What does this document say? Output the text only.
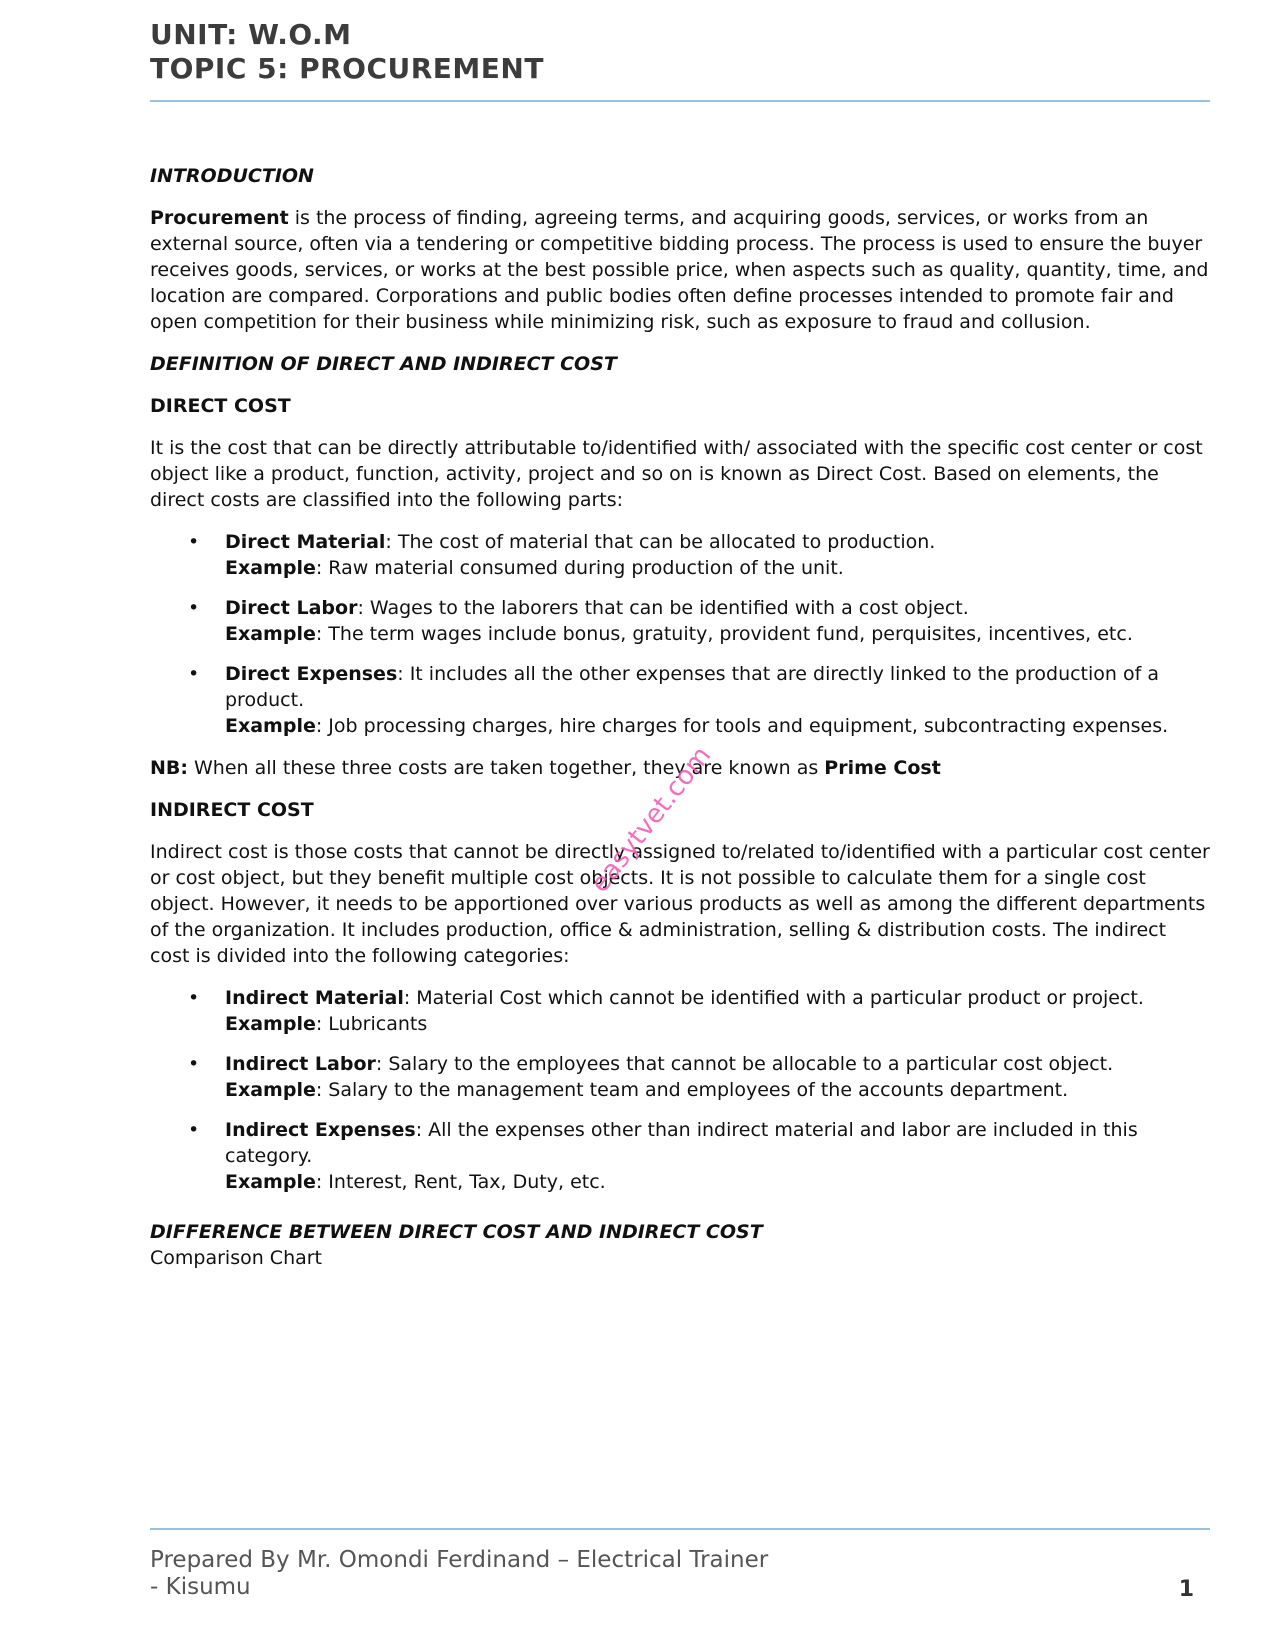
UNIT: W.O.M
TOPIC 5: PROCUREMENT
INTRODUCTION

Procurement is the process of finding, agreeing terms, and acquiring goods, services, or works from an external source, often via a tendering or competitive bidding process. The process is used to ensure the buyer receives goods, services, or works at the best possible price, when aspects such as quality, quantity, time, and location are compared. Corporations and public bodies often define processes intended to promote fair and open competition for their business while minimizing risk, such as exposure to fraud and collusion.

DEFINITION OF DIRECT AND INDIRECT COST
DIRECT COST

It is the cost that can be directly attributable to/identified with/ associated with the specific cost center or cost object like a product, function, activity, project and so on is known as Direct Cost. Based on elements, the direct costs are classified into the following parts:

• Direct Material: The cost of material that can be allocated to production.
Example: Raw material consumed during production of the unit.
• Direct Labor: Wages to the laborers that can be identified with a cost object.
Example: The term wages include bonus, gratuity, provident fund, perquisites, incentives, etc.
• Direct Expenses: It includes all the other expenses that are directly linked to the production of a product.
Example: Job processing charges, hire charges for tools and equipment, subcontracting expenses.

NB: When all these three costs are taken together, they are known as Prime Cost

INDIRECT COST

Indirect cost is those costs that cannot be directly assigned to/related to/identified with a particular cost center or cost object, but they benefit multiple cost objects. It is not possible to calculate them for a single cost object. However, it needs to be apportioned over various products as well as among the different departments of the organization. It includes production, office & administration, selling & distribution costs. The indirect cost is divided into the following categories:

• Indirect Material: Material Cost which cannot be identified with a particular product or project.
Example: Lubricants
• Indirect Labor: Salary to the employees that cannot be allocable to a particular cost object.
Example: Salary to the management team and employees of the accounts department.
• Indirect Expenses: All the expenses other than indirect material and labor are included in this category.
Example: Interest, Rent, Tax, Duty, etc.
DIFFERENCE BETWEEN DIRECT COST AND INDIRECT COST
Comparison Chart
easytvet.com
Prepared By Mr. Omondi Ferdinand – Electrical Trainer - Kisumu	1
